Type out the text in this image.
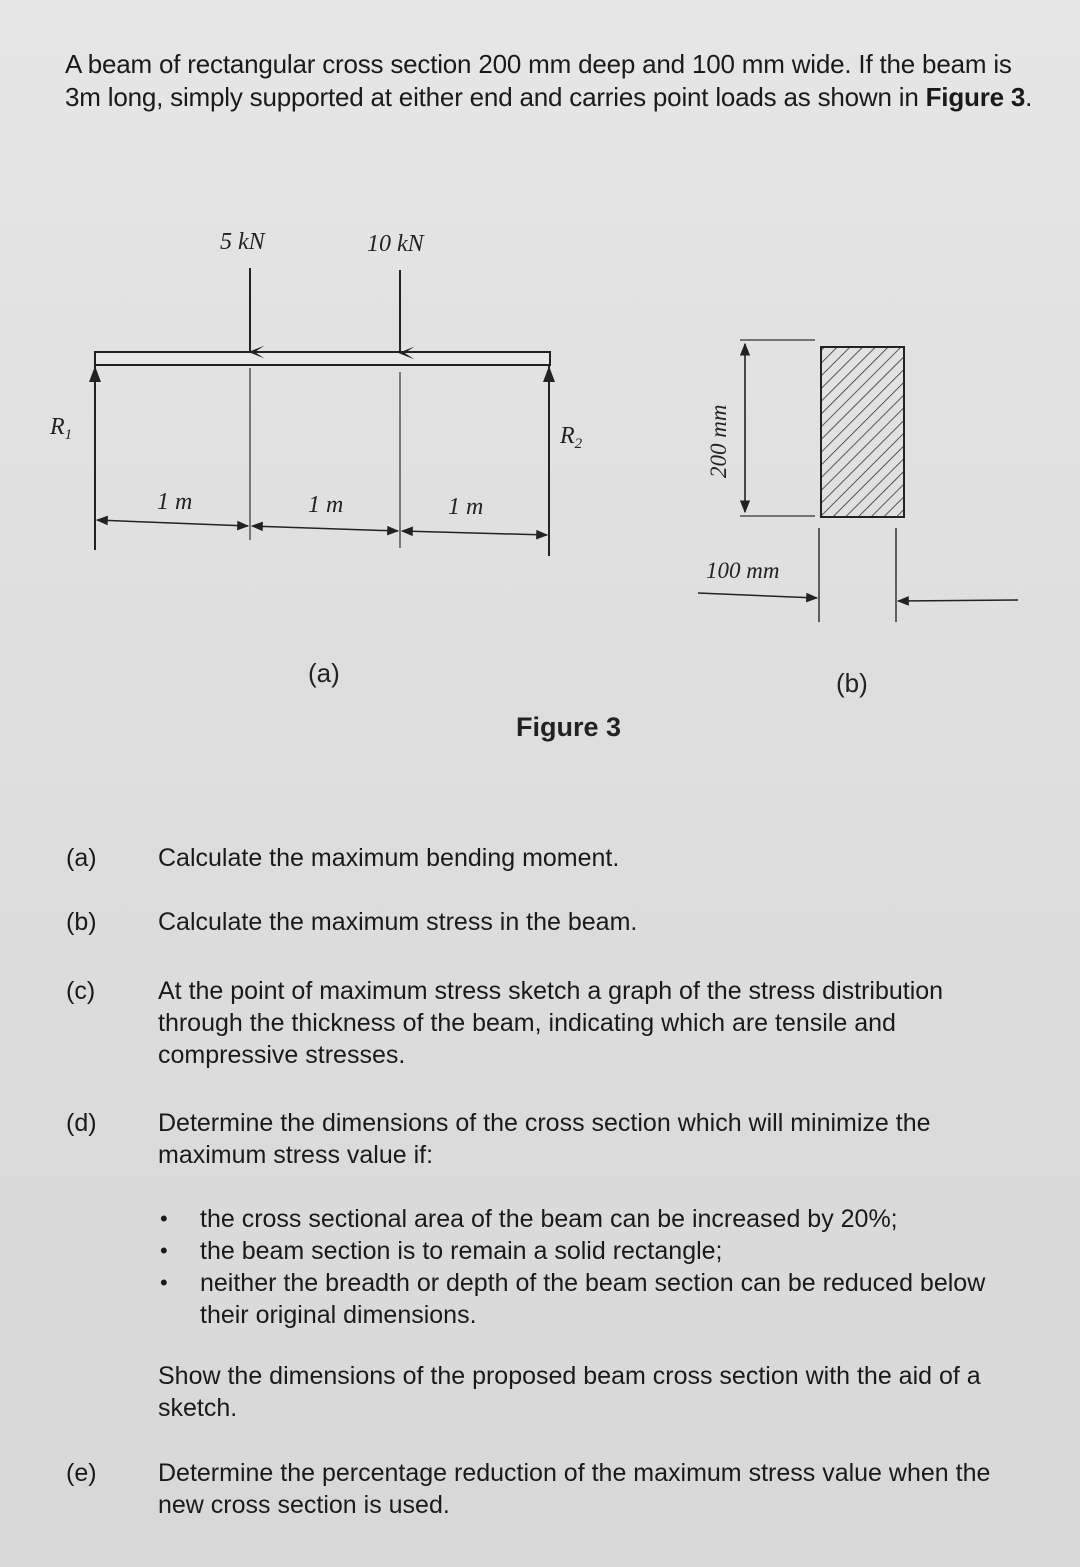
A beam of rectangular cross section 200 mm deep and 100 mm wide. If the beam is 3m long, simply supported at either end and carries point loads as shown in Figure 3.
5 kN	10 kN
$R_1$	$R_2$
1 m	1 m	1 m
(a)
200 mm
100 mm
(b)
Figure 3
(a) Calculate the maximum bending moment.
(b) Calculate the maximum stress in the beam.
(c)	At the point of maximum stress sketch a graph of the stress distribution through the thickness of the beam, indicating which are tensile and compressive stresses.
(d) Determine the dimensions of the cross section which will minimize the maximum stress value if:
• the cross sectional area of the beam can be increased by 20%;
• the beam section is to remain a solid rectangle;
• neither the breadth or depth of the beam section can be reduced below their original dimensions.
Show the dimensions of the proposed beam cross section with the aid of a sketch.
(e) Determine the percentage reduction of the maximum stress value when the new cross section is used.
